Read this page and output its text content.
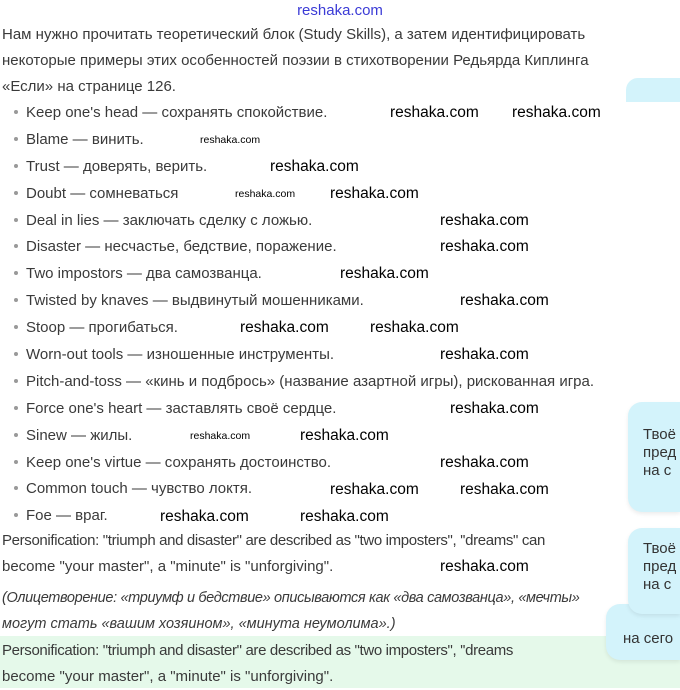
reshaka.com
Нам нужно прочитать теоретический блок (Study Skills), а затем идентифицировать
некоторые примеры этих особенностей поэзии в стихотворении Редьярда Киплинга
«Если» на странице 126.
Keep one's head — сохранять спокойствие.
Blame — винить.
Trust — доверять, верить.
Doubt — сомневаться
Deal in lies — заключать сделку с ложью.
Disaster — несчастье, бедствие, поражение.
Two impostors — два самозванца.
Twisted by knaves — выдвинутый мошенниками.
Stoop — прогибаться.
Worn-out tools — изношенные инструменты.
Pitch-and-toss — «кинь и подбрось» (название азартной игры), рискованная игра.
Force one's heart — заставлять своё сердце.
Sinew — жилы.
Keep one's virtue — сохранять достоинство.
Common touch — чувство локтя.
Foe — враг.
Personification: "triumph and disaster" are described as "two imposters", ''dreams" can
become "your master", a "minute" is "unforgiving".
(Олицетворение: «триумф и бедствие» описываются как «два самозванца», «мечты»
могут стать «вашим хозяином», «минута неумолима».)
Personification: "triumph and disaster" are described as "two imposters", ''dreams
become "your master", a "minute" is "unforgiving".
на сего
Твоё
пред
на с
Твоё
пред
на с
reshaka.com reshaka.com
reshaka.com
reshaka.com
reshaka.com reshaka.com
reshaka.com
reshaka.com
reshaka.com
reshaka.com
reshaka.com	reshaka.com
reshaka.com
reshaka.com
reshaka.com	reshaka.com
reshaka.com
reshaka.com	reshaka.com
reshaka.com	reshaka.com
reshaka.com
